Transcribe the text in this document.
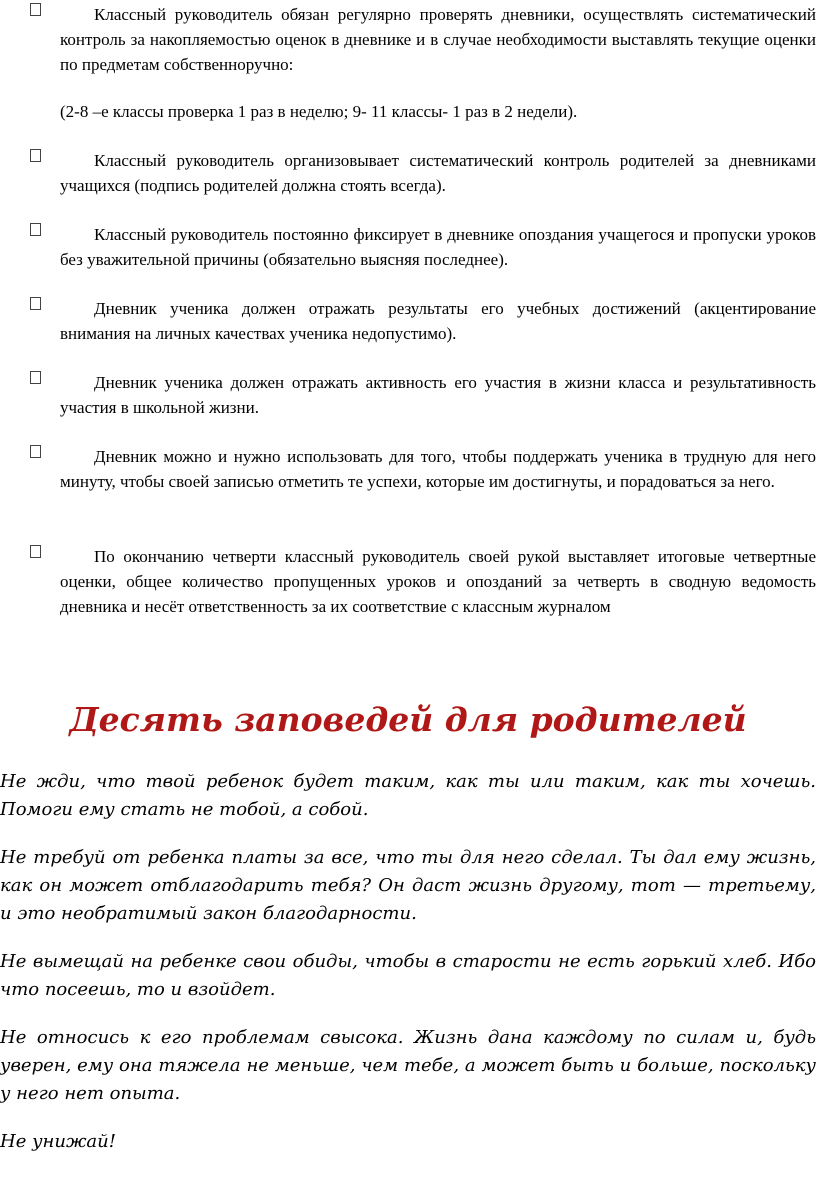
Классный руководитель обязан регулярно проверять дневники, осуществлять систематический контроль за накопляемостью оценок в дневнике и в случае необходимости выставлять текущие оценки по предметам собственноручно:
(2-8 –е классы проверка 1 раз в неделю; 9- 11 классы- 1 раз в 2 недели).
Классный руководитель организовывает систематический контроль родителей за дневниками учащихся (подпись родителей должна стоять всегда).
Классный руководитель постоянно фиксирует в дневнике опоздания учащегося и пропуски уроков без уважительной причины (обязательно выясняя последнее).
Дневник ученика должен отражать результаты его учебных достижений (акцентирование внимания на личных качествах ученика недопустимо).
Дневник ученика должен отражать активность его участия в жизни класса и результативность участия в школьной жизни.
Дневник можно и нужно использовать для того, чтобы поддержать ученика в трудную для него минуту, чтобы своей записью отметить те успехи, которые им достигнуты, и порадоваться за него.
По окончанию четверти классный руководитель своей рукой выставляет итоговые четвертные оценки, общее количество пропущенных уроков и опозданий за четверть в сводную ведомость дневника и несёт ответственность за их соответствие с классным журналом
Десять заповедей для родителей
Не жди, что твой ребенок будет таким, как ты или таким, как ты хочешь. Помоги ему стать не тобой, а собой.
Не требуй от ребенка платы за все, что ты для него сделал. Ты дал ему жизнь, как он может отблагодарить тебя? Он даст жизнь другому, тот — третьему, и это необратимый закон благодарности.
Не вымещай на ребенке свои обиды, чтобы в старости не есть горький хлеб. Ибо что посеешь, то и взойдет.
Не относись к его проблемам свысока. Жизнь дана каждому по силам и, будь уверен, ему она тяжела не меньше, чем тебе, а может быть и больше, поскольку у него нет опыта.
Не унижай!
